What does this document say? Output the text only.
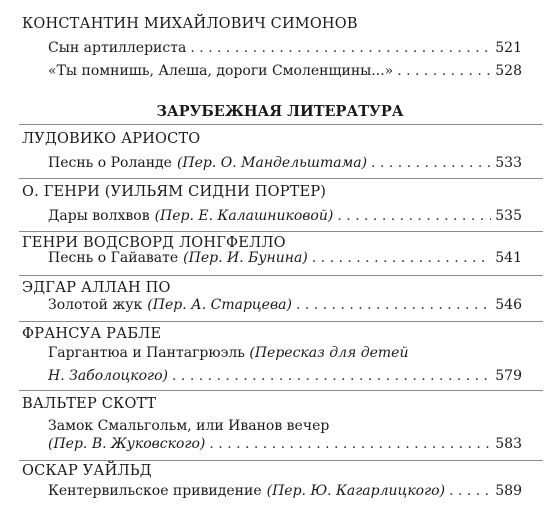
КОНСТАНТИН МИХАЙЛОВИЧ СИМОНОВ
Сын артиллериста . . .	521
«Ты помнишь, Алеша, дороги Смоленщины...» . . .	528
ЗАРУБЕЖНАЯ ЛИТЕРАТУРА
ЛУДОВИКО АРИОСТО
Песнь о Роланде (Пер. О. Мандельштама) . . .	533
О. ГЕНРИ (УИЛЬЯМ СИДНИ ПОРТЕР)
Дары волхвов (Пер. Е. Калашниковой) . . .	535
ГЕНРИ ВОДСВОРД ЛОНГФЕЛЛО
Песнь о Гайавате (Пер. И. Бунина) . . .	541
ЭДГАР АЛЛАН ПО
Золотой жук (Пер. А. Старцева) . . .	546
ФРАНСУА РАБЛЕ
Гаргантюа и Пантагрюэль (Пересказ для детей
Н. Заболоцкого) . . .	579
ВАЛЬТЕР СКОТТ
Замок Смальгольм, или Иванов вечер
(Пер. В. Жуковского) . . .	583
ОСКАР УАЙЛЬД
Кентервильское привидение (Пер. Ю. Кагарлицкого) . . .	589
